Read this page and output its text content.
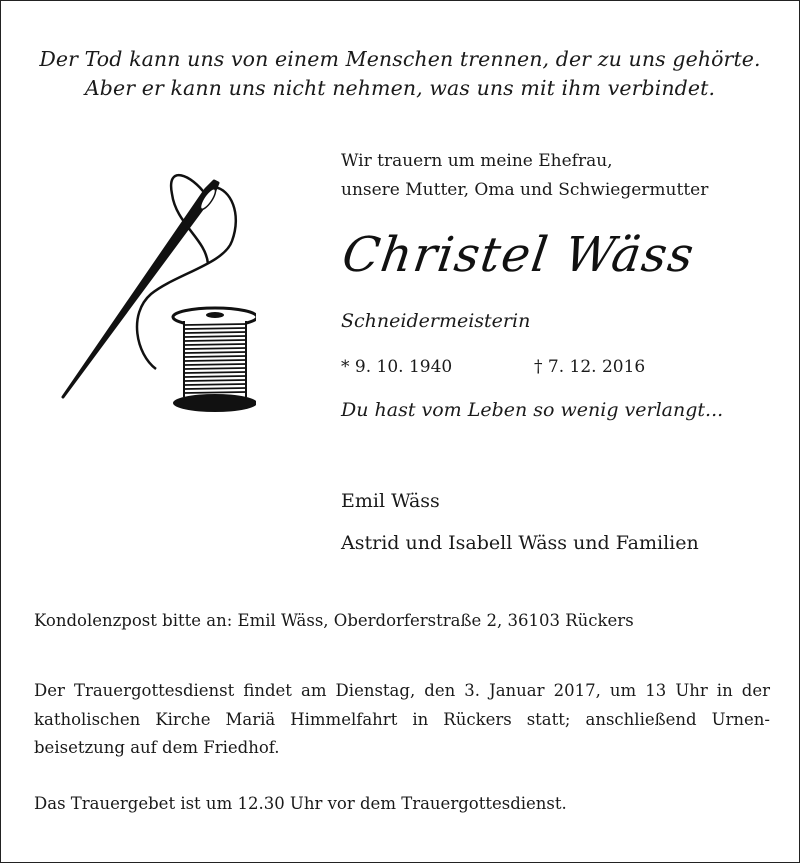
Der Tod kann uns von einem Menschen trennen, der zu uns gehörte.
Aber er kann uns nicht nehmen, was uns mit ihm verbindet.
Wir trauern um meine Ehefrau,
unsere Mutter, Oma und Schwiegermutter
Christel Wäss
Schneidermeisterin
* 9. 10. 1940	† 7. 12. 2016
Du hast vom Leben so wenig verlangt...
Emil Wäss
Astrid und Isabell Wäss und Familien
Kondolenzpost bitte an: Emil Wäss, Oberdorferstraße 2, 36103 Rückers
Der Trauergottesdienst findet am Dienstag, den 3. Januar 2017, um 13 Uhr in der
katholischen Kirche Mariä Himmelfahrt in Rückers statt; anschließend Urnen-
beisetzung auf dem Friedhof.
Das Trauergebet ist um 12.30 Uhr vor dem Trauergottesdienst.
